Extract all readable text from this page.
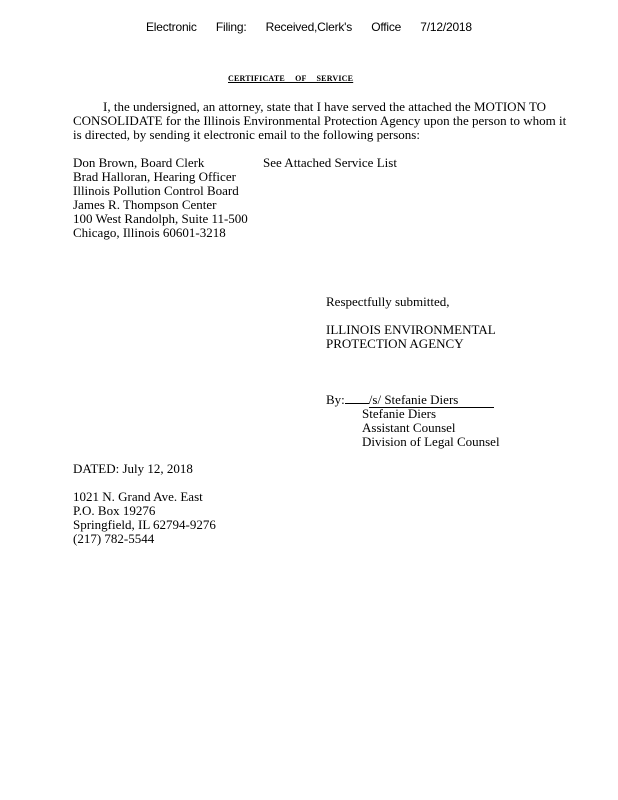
Electronic Filing: Received,Clerk's Office 7/12/2018
CERTIFICATE OF SERVICE
I, the undersigned, an attorney, state that I have served the attached the MOTION TO CONSOLIDATE for the Illinois Environmental Protection Agency upon the person to whom it is directed, by sending it electronic email to the following persons:
Don Brown, Board Clerk
Brad Halloran, Hearing Officer
Illinois Pollution Control Board
James R. Thompson Center
100 West Randolph, Suite 11-500
Chicago, Illinois 60601-3218
See Attached Service List
Respectfully submitted,
ILLINOIS ENVIRONMENTAL
PROTECTION AGENCY
By: /s/ Stefanie Diers
Stefanie Diers
Assistant Counsel
Division of Legal Counsel
DATED: July 12, 2018
1021 N. Grand Ave. East
P.O. Box 19276
Springfield, IL 62794-9276
(217) 782-5544
